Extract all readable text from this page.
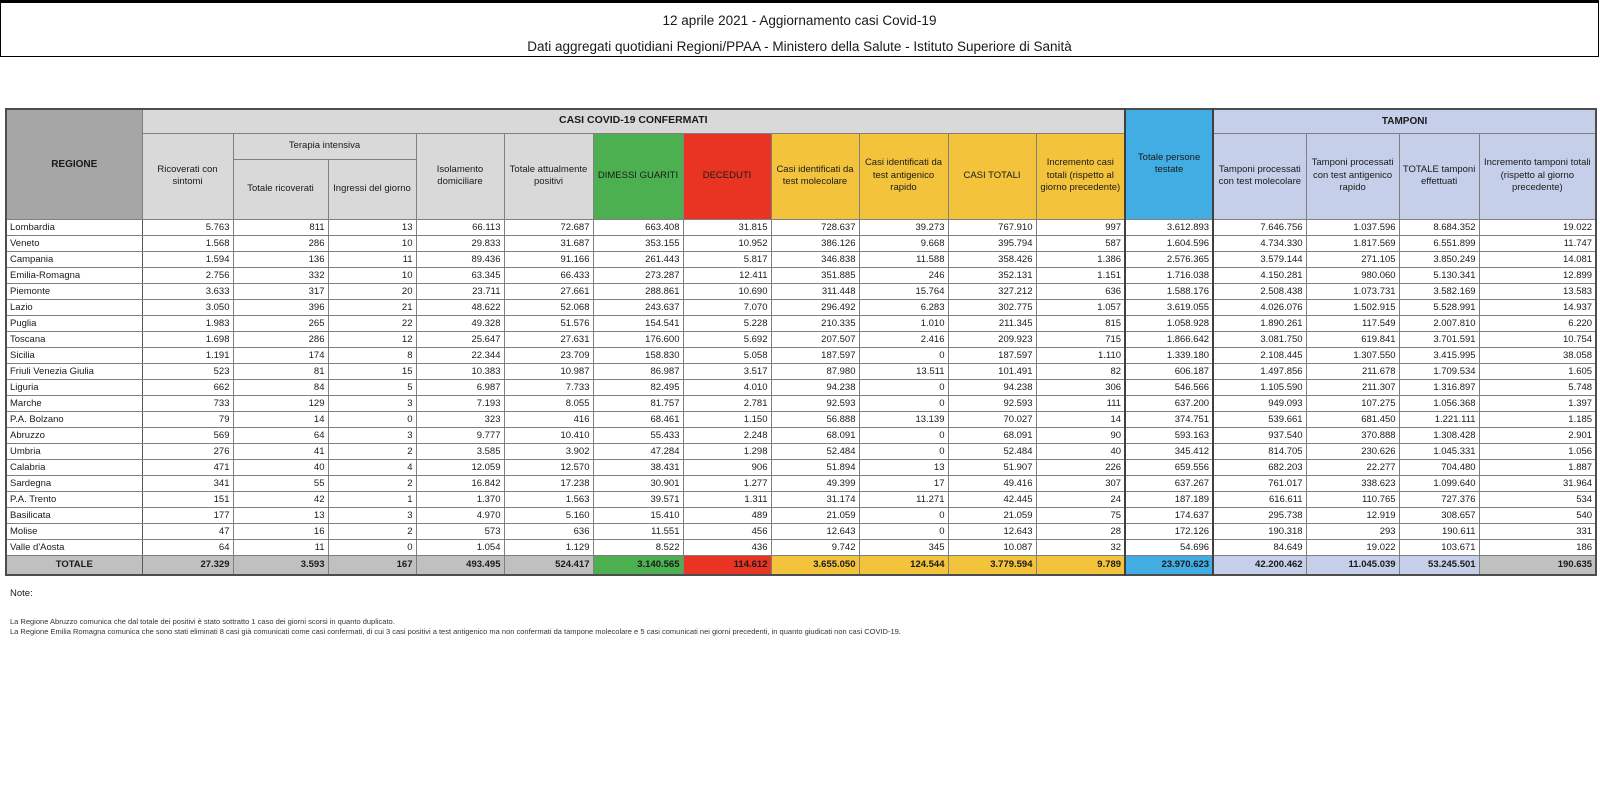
12 aprile 2021 - Aggiornamento casi Covid-19
Dati aggregati quotidiani Regioni/PPAA - Ministero della Salute - Istituto Superiore di Sanità
REGIONE	CASI COVID-19 CONFERMATI											Totale persone testate	TAMPONI			
	Ricoverati con sintomi	Terapia intensiva		Isolamento domiciliare	Totale attualmente positivi	DIMESSI GUARITI	DECEDUTI	Casi identificati da test molecolare	Casi identificati da test antigenico rapido	CASI TOTALI	Incremento casi totali (rispetto al giorno precedente)		Tamponi processati con test molecolare	Tamponi processati con test antigenico rapido	TOTALE tamponi effettuati	Incremento tamponi totali (rispetto al giorno precedente)
		Totale ricoverati	Ingressi del giorno													
Lombardia	5.763	811	13	66.113	72.687	663.408	31.815	728.637	39.273	767.910	997	3.612.893	7.646.756	1.037.596	8.684.352	19.022
Veneto	1.568	286	10	29.833	31.687	353.155	10.952	386.126	9.668	395.794	587	1.604.596	4.734.330	1.817.569	6.551.899	11.747
Campania	1.594	136	11	89.436	91.166	261.443	5.817	346.838	11.588	358.426	1.386	2.576.365	3.579.144	271.105	3.850.249	14.081
Emilia-Romagna	2.756	332	10	63.345	66.433	273.287	12.411	351.885	246	352.131	1.151	1.716.038	4.150.281	980.060	5.130.341	12.899
Piemonte	3.633	317	20	23.711	27.661	288.861	10.690	311.448	15.764	327.212	636	1.588.176	2.508.438	1.073.731	3.582.169	13.583
Lazio	3.050	396	21	48.622	52.068	243.637	7.070	296.492	6.283	302.775	1.057	3.619.055	4.026.076	1.502.915	5.528.991	14.937
Puglia	1.983	265	22	49.328	51.576	154.541	5.228	210.335	1.010	211.345	815	1.058.928	1.890.261	117.549	2.007.810	6.220
Toscana	1.698	286	12	25.647	27.631	176.600	5.692	207.507	2.416	209.923	715	1.866.642	3.081.750	619.841	3.701.591	10.754
Sicilia	1.191	174	8	22.344	23.709	158.830	5.058	187.597	0	187.597	1.110	1.339.180	2.108.445	1.307.550	3.415.995	38.058
Friuli Venezia Giulia	523	81	15	10.383	10.987	86.987	3.517	87.980	13.511	101.491	82	606.187	1.497.856	211.678	1.709.534	1.605
Liguria	662	84	5	6.987	7.733	82.495	4.010	94.238	0	94.238	306	546.566	1.105.590	211.307	1.316.897	5.748
Marche	733	129	3	7.193	8.055	81.757	2.781	92.593	0	92.593	111	637.200	949.093	107.275	1.056.368	1.397
P.A. Bolzano	79	14	0	323	416	68.461	1.150	56.888	13.139	70.027	14	374.751	539.661	681.450	1.221.111	1.185
Abruzzo	569	64	3	9.777	10.410	55.433	2.248	68.091	0	68.091	90	593.163	937.540	370.888	1.308.428	2.901
Umbria	276	41	2	3.585	3.902	47.284	1.298	52.484	0	52.484	40	345.412	814.705	230.626	1.045.331	1.056
Calabria	471	40	4	12.059	12.570	38.431	906	51.894	13	51.907	226	659.556	682.203	22.277	704.480	1.887
Sardegna	341	55	2	16.842	17.238	30.901	1.277	49.399	17	49.416	307	637.267	761.017	338.623	1.099.640	31.964
P.A. Trento	151	42	1	1.370	1.563	39.571	1.311	31.174	11.271	42.445	24	187.189	616.611	110.765	727.376	534
Basilicata	177	13	3	4.970	5.160	15.410	489	21.059	0	21.059	75	174.637	295.738	12.919	308.657	540
Molise	47	16	2	573	636	11.551	456	12.643	0	12.643	28	172.126	190.318	293	190.611	331
Valle d'Aosta	64	11	0	1.054	1.129	8.522	436	9.742	345	10.087	32	54.696	84.649	19.022	103.671	186
TOTALE	27.329	3.593	167	493.495	524.417	3.140.565	114.612	3.655.050	124.544	3.779.594	9.789	23.970.623	42.200.462	11.045.039	53.245.501	190.635
Note:
La Regione Abruzzo comunica che dal totale dei positivi è stato sottratto 1 caso dei giorni scorsi in quanto duplicato.
La Regione Emilia Romagna comunica che sono stati eliminati 8 casi già comunicati come casi confermati, di cui 3 casi positivi a test antigenico ma non confermati da tampone molecolare e 5 casi comunicati nei giorni precedenti, in quanto giudicati non casi COVID-19.
